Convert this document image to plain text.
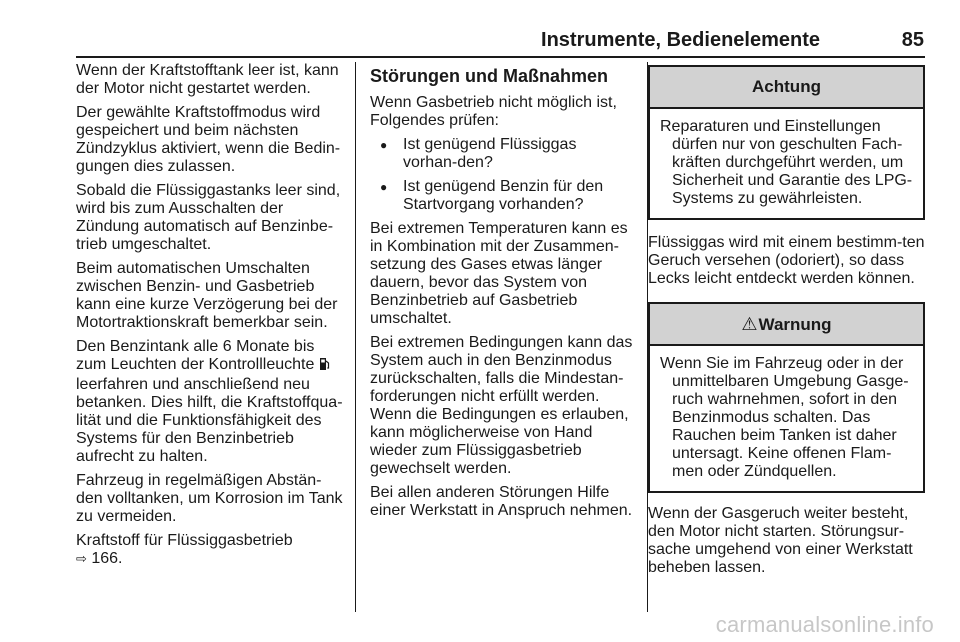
Instrumente, Bedienelemente	85

Wenn der Kraftstofftank leer ist, kann der Motor nicht gestartet werden.

Der gewählte Kraftstoffmodus wird gespeichert und beim nächsten Zündzyklus aktiviert, wenn die Bedin-gungen dies zulassen.

Sobald die Flüssiggastanks leer sind, wird bis zum Ausschalten der Zündung automatisch auf Benzinbe-trieb umgeschaltet.

Beim automatischen Umschalten zwischen Benzin- und Gasbetrieb kann eine kurze Verzögerung bei der Motortraktionskraft bemerkbar sein.

Den Benzintank alle 6 Monate bis zum Leuchten der Kontrollleuchte  leerfahren und anschließend neu betanken. Dies hilft, die Kraftstoffqua-lität und die Funktionsfähigkeit des Systems für den Benzinbetrieb aufrecht zu halten.

Fahrzeug in regelmäßigen Abstän-den volltanken, um Korrosion im Tank zu vermeiden.

Kraftstoff für Flüssiggasbetrieb
⇨ 166.

Störungen und Maßnahmen

Wenn Gasbetrieb nicht möglich ist, Folgendes prüfen:

● Ist genügend Flüssiggas vorhan-den?
● Ist genügend Benzin für den Startvorgang vorhanden?

Bei extremen Temperaturen kann es in Kombination mit der Zusammen-setzung des Gases etwas länger dauern, bevor das System von Benzinbetrieb auf Gasbetrieb umschaltet.

Bei extremen Bedingungen kann das System auch in den Benzinmodus zurückschalten, falls die Mindestan-forderungen nicht erfüllt werden. Wenn die Bedingungen es erlauben, kann möglicherweise von Hand wieder zum Flüssiggasbetrieb gewechselt werden.

Bei allen anderen Störungen Hilfe einer Werkstatt in Anspruch nehmen.

Achtung
Reparaturen und Einstellungen dürfen nur von geschulten Fach-kräften durchgeführt werden, um Sicherheit und Garantie des LPG-Systems zu gewährleisten.

Flüssiggas wird mit einem bestimm-ten Geruch versehen (odoriert), so dass Lecks leicht entdeckt werden können.

⚠Warnung
Wenn Sie im Fahrzeug oder in der unmittelbaren Umgebung Gasge-ruch wahrnehmen, sofort in den Benzinmodus schalten. Das Rauchen beim Tanken ist daher untersagt. Keine offenen Flam-men oder Zündquellen.

Wenn der Gasgeruch weiter besteht, den Motor nicht starten. Störungsur-sache umgehend von einer Werkstatt beheben lassen.

carmanualsonline.info
